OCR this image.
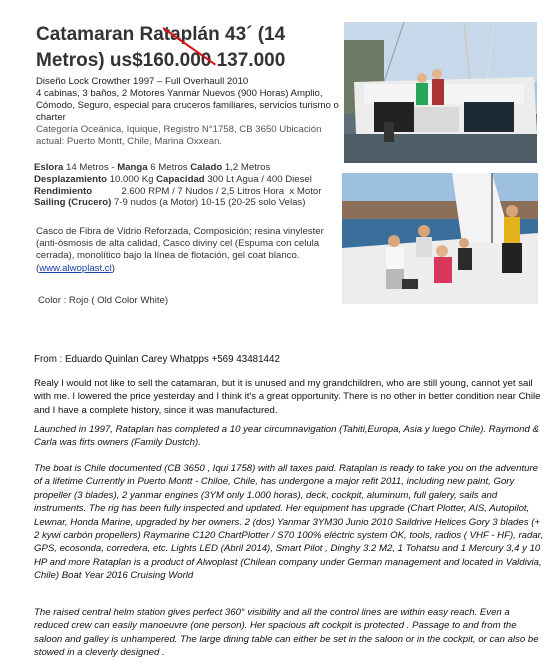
Catamaran Rataplán 43´ (14
Metros) us$160.000 137.000
Diseño Lock Crowther 1997 – Full Overhaull 2010
4 cabinas, 3 baños, 2 Motores Yanmar Nuevos (900 Horas) Amplio, Cómodo, Seguro, especial para cruceros familiares, servicios turismo o charter
Categoría Oceánica, Iquique, Registro N°1758, CB 3650 Ubicación actual: Puerto Montt, Chile, Marina Oxxean.
Eslora 14 Metros - Manga 6 Metros Calado 1,2 Metros
Desplazamiento 10.000 Kg Capacidad 300 Lt Agua / 400 Diesel
Rendimiento           2.600 RPM / 7 Nudos / 2,5 Litros Hora  x Motor
Sailing (Crucero) 7-9 nudos (a Motor) 10-15 (20-25 solo Velas)
Casco de Fibra de Vidrio Reforzada, Composición; resina vinylester (anti-ósmosis de alta calidad, Casco diviny cel (Espuma con celula cerrada), monolítico bajo la línea de flotación, gel coat blanco. (www.alwoplast.cl)
Color : Rojo ( Old Color White)
From : Eduardo Quinlan Carey Whatpps +569 43481442
Realy I would not like to sell the catamaran, but it is unused and my grandchildren, who are still young, cannot yet sail with me. I lowered the price yesterday and I think it's a great opportunity. There is no other in better condition near Chile and I have a complete history, since it was manufactured.
Launched in 1997, Rataplan has completed a 10 year circumnavigation (Tahiti,Europa, Asia y luego Chile). Raymond & Carla was firts owners (Family Dustch).
The boat is Chile documented (CB 3650 , Iqui 1758) with all taxes paid. Rataplan is ready to take you on the adventure of a lifetime Currently in Puerto Montt - Chiloe, Chile, has undergone a major refit 2011, including new paint, Gory propeller (3 blades), 2 yanmar engines (3YM only 1.000 horas), deck, cockpit, aluminum, full galery, sails and instruments. The rig has been fully inspected and updated. Her equipment has upgrade (Chart Plotter, AIS, Autopilot, Lewnar, Honda Marine, upgraded by her owners. 2 (dos) Yanmar 3YM30 Junio 2010 Saildrive Helices Gory 3 blades (+ 2 kywi carbón propellers) Raymarine C120 ChartPlotter / S70 100% eléctric system OK, tools, radios ( VHF - HF), radar, GPS, ecosonda, corredera, etc. Lights LED (Abril 2014), Smart Pilot , Dinghy 3.2 M2, 1 Tohatsu and 1 Mercury 3,4 y 10 HP and more Rataplan is a product of Alwoplast (Chilean company under German management and located in Valdivia, Chile) Boat Year 2016 Cruising World
The raised central helm station gives perfect 360° visibility and all the control lines are within easy reach. Even a reduced crew can easily manoeuvre (one person). Her spacious aft cockpit is protected . Passage to and from the saloon and galley is unhampered. The large dining table can either be set in the saloon or in the cockpit, or can also be stowed in a cleverly designed .
